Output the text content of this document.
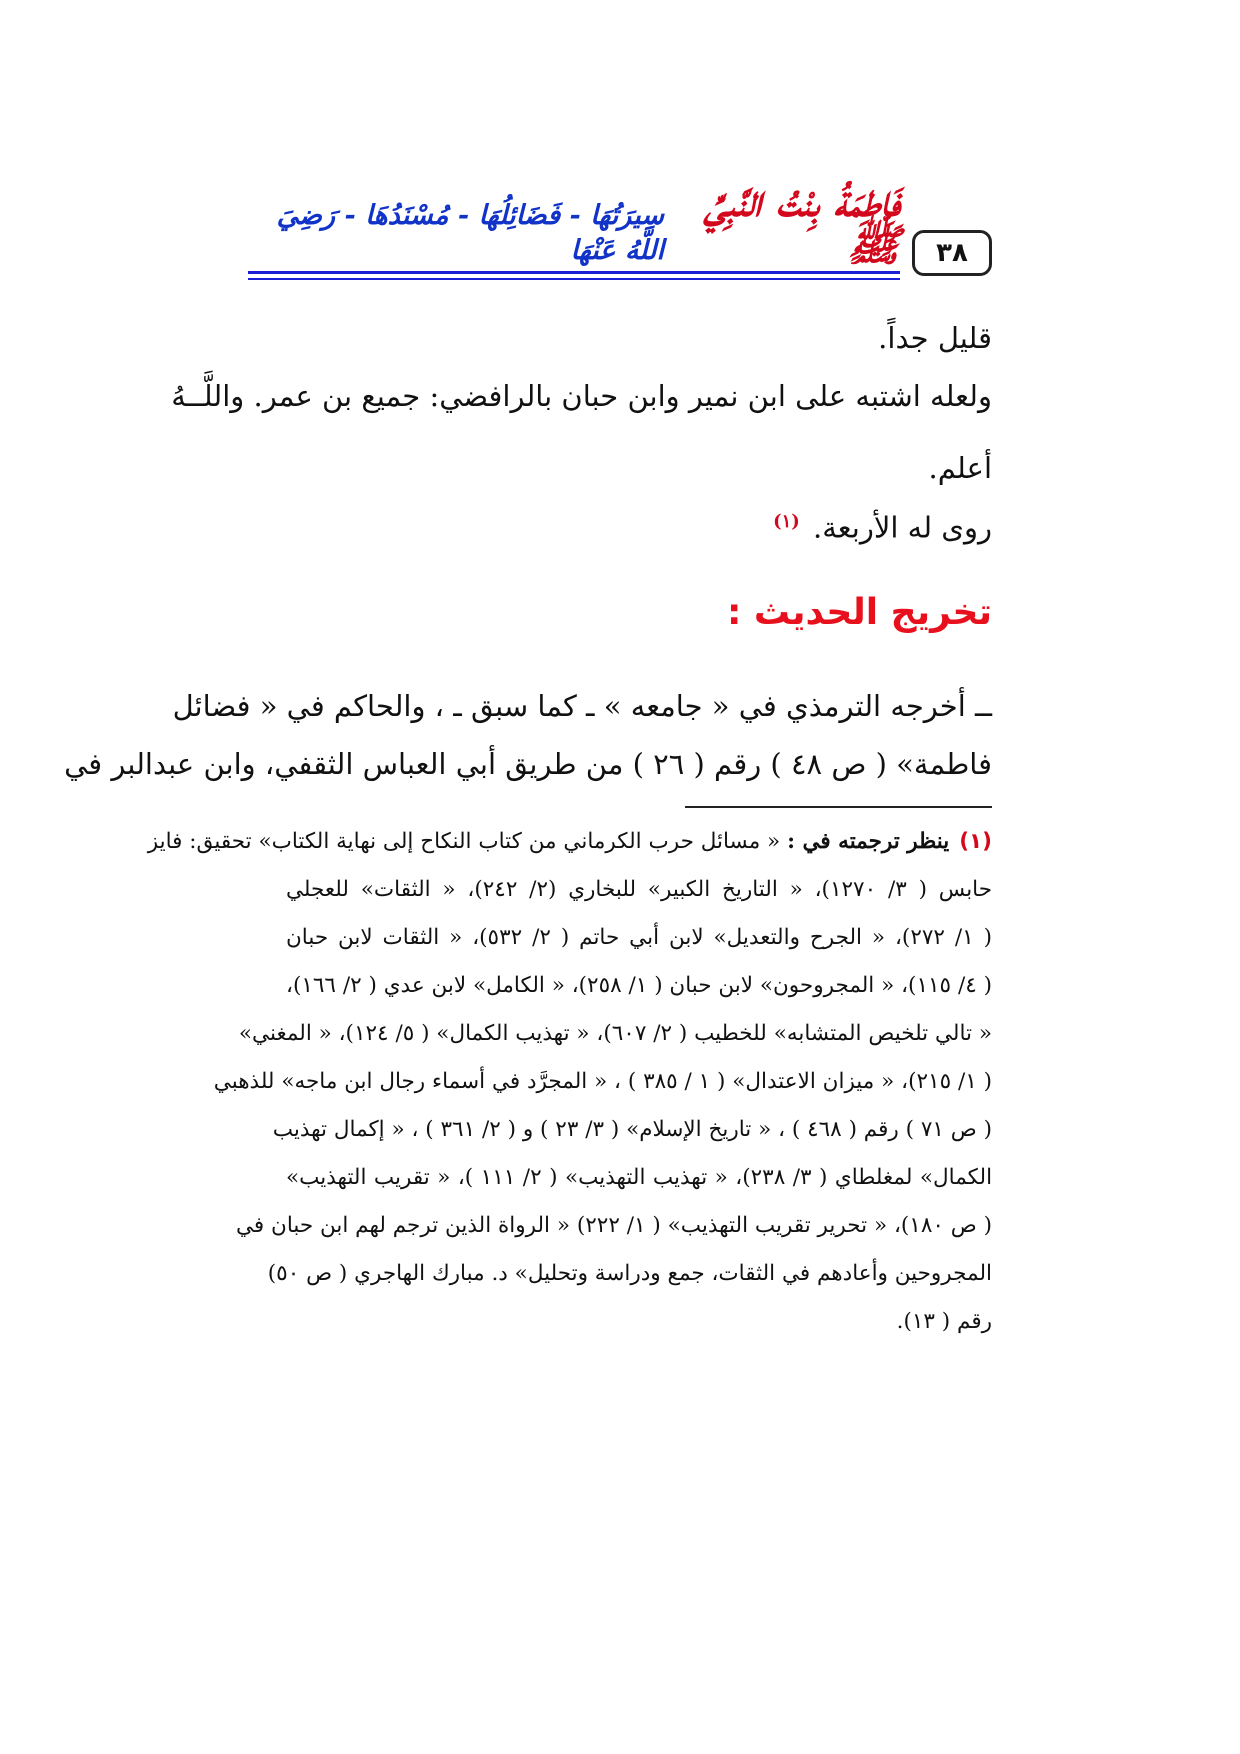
٣٨
فَاطِمَةُ بِنْتُ النَّبِيِّ ﷺ
سِيرَتُهَا - فَضَائِلُهَا - مُسْنَدُهَا - رَضِيَ اللَّهُ عَنْهَا
قليل جداً.
ولعله اشتبه على ابن نمير وابن حبان بالرافضي: جميع بن عمر. واللَّــهُ
أعلم.
روى له الأربعة. $^{(١)}$
تخريج الحديث :
ــ أخرجه الترمذي في « جامعه » ـ كما سبق ـ ، والحاكم في « فضائل
فاطمة» ( ص ٤٨ ) رقم ( ٢٦ ) من طريق أبي العباس الثقفي، وابن عبدالبر في
(١)ينظر ترجمته في : « مسائل حرب الكرماني من كتاب النكاح إلى نهاية الكتاب» تحقيق: فايز
حابس ( ٣/ ١٢٧٠)، « التاريخ الكبير» للبخاري (٢/ ٢٤٢)، « الثقات» للعجلي
( ١/ ٢٧٢)، « الجرح والتعديل» لابن أبي حاتم ( ٢/ ٥٣٢)، « الثقات لابن حبان
( ٤/ ١١٥)، « المجروحون» لابن حبان ( ١/ ٢٥٨)، « الكامل» لابن عدي ( ٢/ ١٦٦)،
« تالي تلخيص المتشابه» للخطيب ( ٢/ ٦٠٧)، « تهذيب الكمال» ( ٥/ ١٢٤)، « المغني»
( ١/ ٢١٥)، « ميزان الاعتدال» ( ١ / ٣٨٥ ) ، « المجرَّد في أسماء رجال ابن ماجه» للذهبي
( ص ٧١ ) رقم ( ٤٦٨ ) ، « تاريخ الإسلام» ( ٣/ ٢٣ ) و ( ٢/ ٣٦١ ) ، « إكمال تهذيب
الكمال» لمغلطاي ( ٣/ ٢٣٨)، « تهذيب التهذيب» ( ٢/ ١١١ )، « تقريب التهذيب»
( ص ١٨٠)، « تحرير تقريب التهذيب» ( ١/ ٢٢٢) « الرواة الذين ترجم لهم ابن حبان في
المجروحين وأعادهم في الثقات، جمع ودراسة وتحليل» د. مبارك الهاجري ( ص ٥٠)
رقم ( ١٣).
